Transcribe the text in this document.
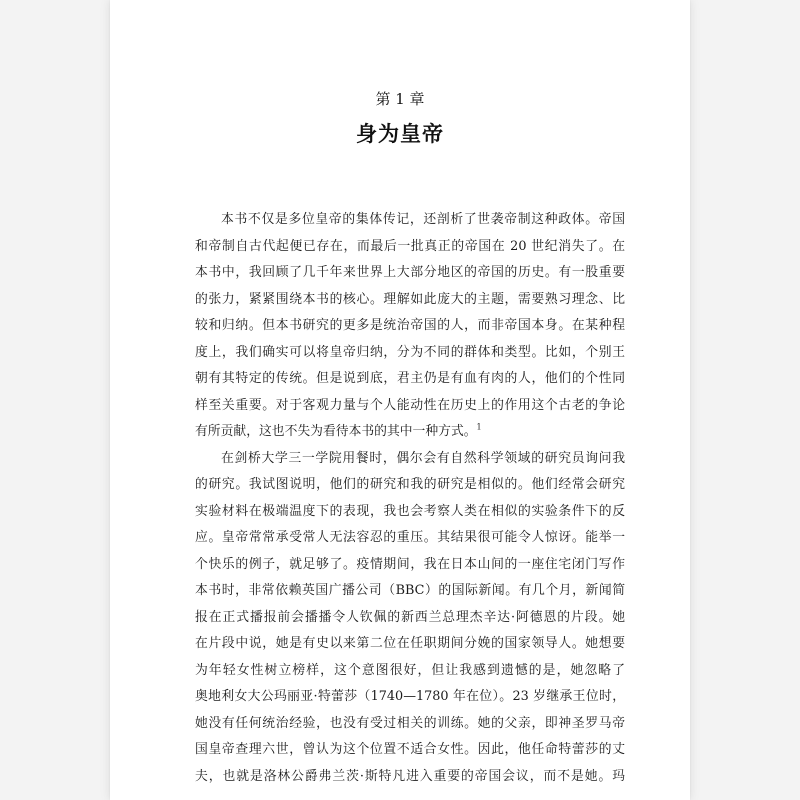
第 1 章
身为皇帝
本书不仅是多位皇帝的集体传记，还剖析了世袭帝制这种政体。帝国
和帝制自古代起便已存在，而最后一批真正的帝国在 20 世纪消失了。在
本书中，我回顾了几千年来世界上大部分地区的帝国的历史。有一股重要
的张力，紧紧围绕本书的核心。理解如此庞大的主题，需要熟习理念、比
较和归纳。但本书研究的更多是统治帝国的人，而非帝国本身。在某种程
度上，我们确实可以将皇帝归纳，分为不同的群体和类型。比如，个别王
朝有其特定的传统。但是说到底，君主仍是有血有肉的人，他们的个性同
样至关重要。对于客观力量与个人能动性在历史上的作用这个古老的争论
有所贡献，这也不失为看待本书的其中一种方式。$^1$
在剑桥大学三一学院用餐时，偶尔会有自然科学领域的研究员询问我
的研究。我试图说明，他们的研究和我的研究是相似的。他们经常会研究
实验材料在极端温度下的表现，我也会考察人类在相似的实验条件下的反
应。皇帝常常承受常人无法容忍的重压。其结果很可能令人惊讶。能举一
个快乐的例子，就足够了。疫情期间，我在日本山间的一座住宅闭门写作
本书时，非常依赖英国广播公司（BBC）的国际新闻。有几个月，新闻简
报在正式播报前会播播令人钦佩的新西兰总理杰辛达·阿德恩的片段。她
在片段中说，她是有史以来第二位在任职期间分娩的国家领导人。她想要
为年轻女性树立榜样，这个意图很好，但让我感到遗憾的是，她忽略了
奥地利女大公玛丽亚·特蕾莎（1740—1780 年在位）。23 岁继承王位时，
她没有任何统治经验，也没有受过相关的训练。她的父亲，即神圣罗马帝
国皇帝查理六世，曾认为这个位置不适合女性。因此，他任命特蕾莎的丈
夫，也就是洛林公爵弗兰茨·斯特凡进入重要的帝国会议，而不是她。玛
